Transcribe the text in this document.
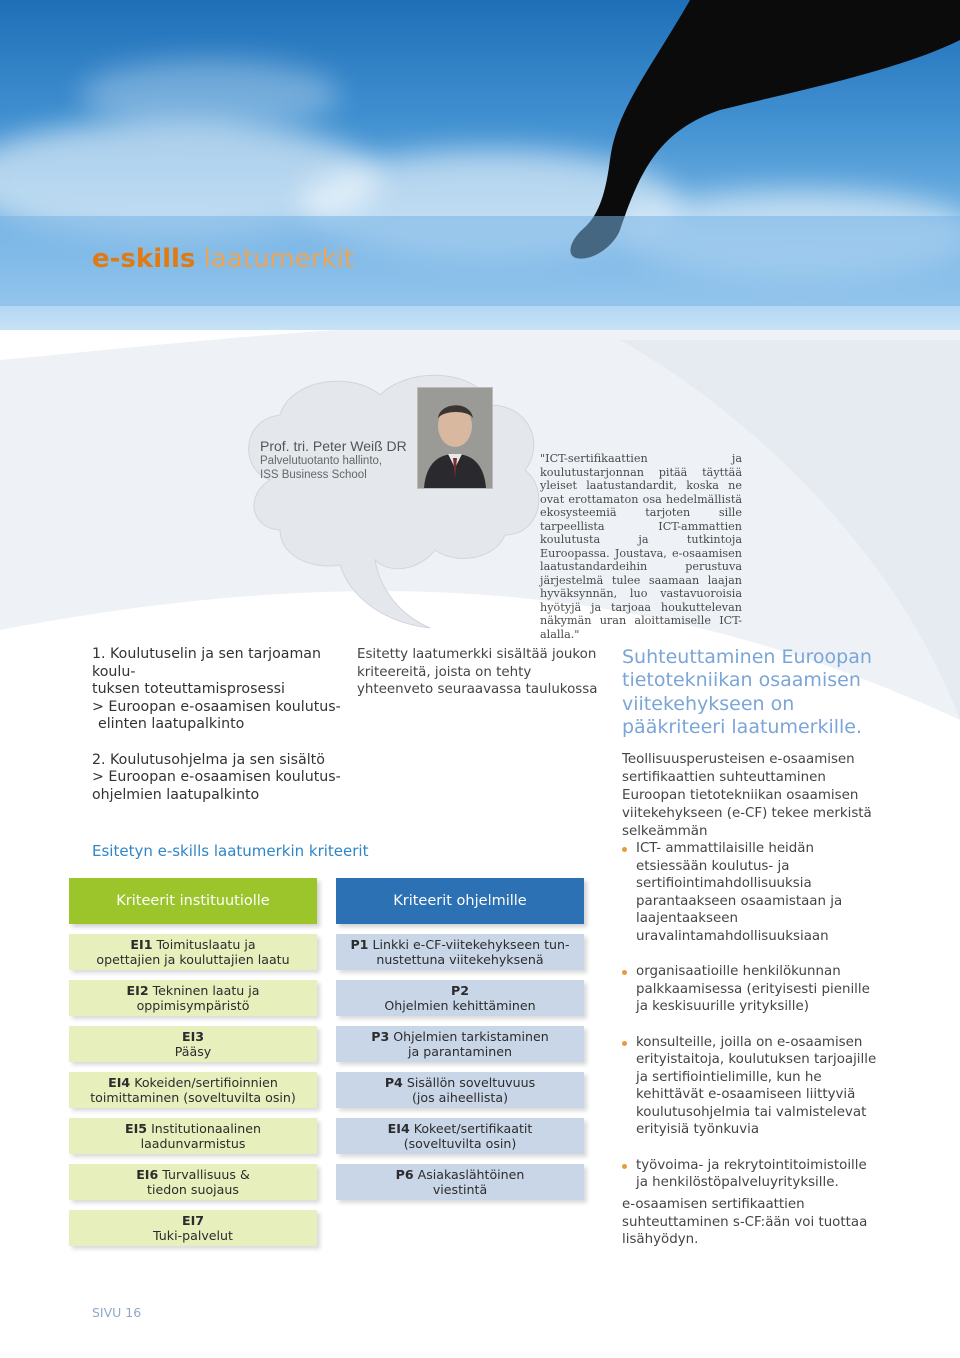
e-skills laatumerkit

Prof. tri. Peter Weiß DR

Palvelutuotanto hallinto,
ISS Business School

"ICT-sertifikaattien ja koulutustarjonnan pitää täyttää yleiset laatustandardit, koska ne ovat erottamaton osa hedelmällistä ekosysteemiä tarjoten sille tarpeellista ICT-ammattien koulutusta ja tutkintoja Euroopassa. Joustava, e-osaamisen laatustandardeihin perustuva järjestelmä tulee saamaan laajan hyväksynnän, luo vastavuoroisia hyötyjä ja tarjoaa houkuttelevan näkymän uran aloittamiselle ICT-alalla."

1. Koulutuselin ja sen tarjoaman koulu-
tuksen toteuttamisprosessi
> Euroopan e-osaamisen koulutus-
elinten laatupalkinto

2. Koulutusohjelma ja sen sisältö
> Euroopan e-osaamisen koulutus-
ohjelmien laatupalkinto

Esitetty laatumerkki sisältää joukon kriteereitä, joista on tehty yhteenveto seuraavassa taulukossa

Suhteuttaminen Euroopan tietotekniikan osaamisen viitekehykseen on pääkriteeri laatumerkille.

Teollisuusperusteisen e-osaamisen sertifikaattien suhteuttaminen Euroopan tietotekniikan osaamisen viitekehykseen (e-CF) tekee merkistä selkeämmän

Esitetyn e-skills laatumerkin kriteerit
Kriteerit instituutiolle
EI1 Toimituslaatu ja
opettajien ja kouluttajien laatu
EI2 Tekninen laatu ja
oppimisympäristö
EI3
Pääsy
EI4 Kokeiden/sertifioinnien
toimittaminen (soveltuvilta osin)
EI5 Institutionaalinen
laadunvarmistus
EI6 Turvallisuus &
tiedon suojaus
EI7
Tuki-palvelut
Kriteerit ohjelmille
P1 Linkki e-CF-viitekehykseen tun-
nustettuna viitekehyksenä
P2
Ohjelmien kehittäminen
P3 Ohjelmien tarkistaminen
ja parantaminen
P4 Sisällön soveltuvuus
(jos aiheellista)
EI4 Kokeet/sertifikaatit
(soveltuvilta osin)
P6 Asiakaslähtöinen
viestintä
ICT- ammattilaisille heidän etsiessään koulutus- ja sertifiointimahdollisuuksia parantaakseen osaamistaan ja laajentaakseen uravalintamahdollisuuksiaan
organisaatioille henkilökunnan palkkaamisessa (erityisesti pienille ja keskisuurille yrityksille)
konsulteille, joilla on e-osaamisen erityistaitoja, koulutuksen tarjoajille ja sertifiointielimille, kun he kehittävät e-osaamiseen liittyviä koulutusohjelmia tai valmistelevat erityisiä työnkuvia
työvoima- ja rekrytointitoimistoille ja henkilöstöpalveluyrityksille.

e-osaamisen sertifikaattien suhteuttaminen s-CF:ään voi tuottaa lisähyödyn.

SIVU 16
